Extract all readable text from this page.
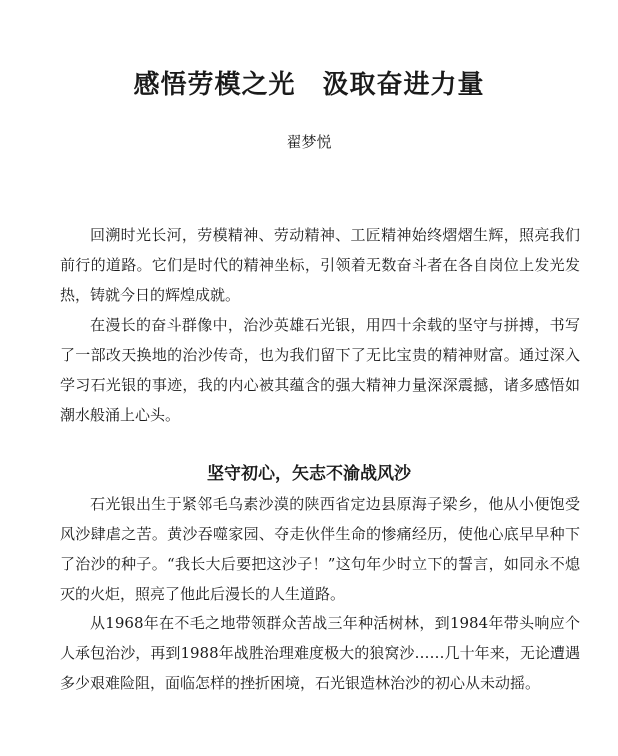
感悟劳模之光　汲取奋进力量
翟梦悦

回溯时光长河，劳模精神、劳动精神、工匠精神始终熠熠生辉，照亮我们前行的道路。它们是时代的精神坐标，引领着无数奋斗者在各自岗位上发光发热，铸就今日的辉煌成就。

在漫长的奋斗群像中，治沙英雄石光银，用四十余载的坚守与拼搏，书写了一部改天换地的治沙传奇，也为我们留下了无比宝贵的精神财富。通过深入学习石光银的事迹，我的内心被其蕴含的强大精神力量深深震撼，诸多感悟如潮水般涌上心头。

坚守初心，矢志不渝战风沙

石光银出生于紧邻毛乌素沙漠的陕西省定边县原海子梁乡，他从小便饱受风沙肆虐之苦。黄沙吞噬家园、夺走伙伴生命的惨痛经历，使他心底早早种下了治沙的种子。“我长大后要把这沙子！”这句年少时立下的誓言，如同永不熄灭的火炬，照亮了他此后漫长的人生道路。

从1968年在不毛之地带领群众苦战三年种活树林，到1984年带头响应个人承包治沙，再到1988年战胜治理难度极大的狼窝沙……几十年来，无论遭遇多少艰难险阻，面临怎样的挫折困境，石光银造林治沙的初心从未动摇。
